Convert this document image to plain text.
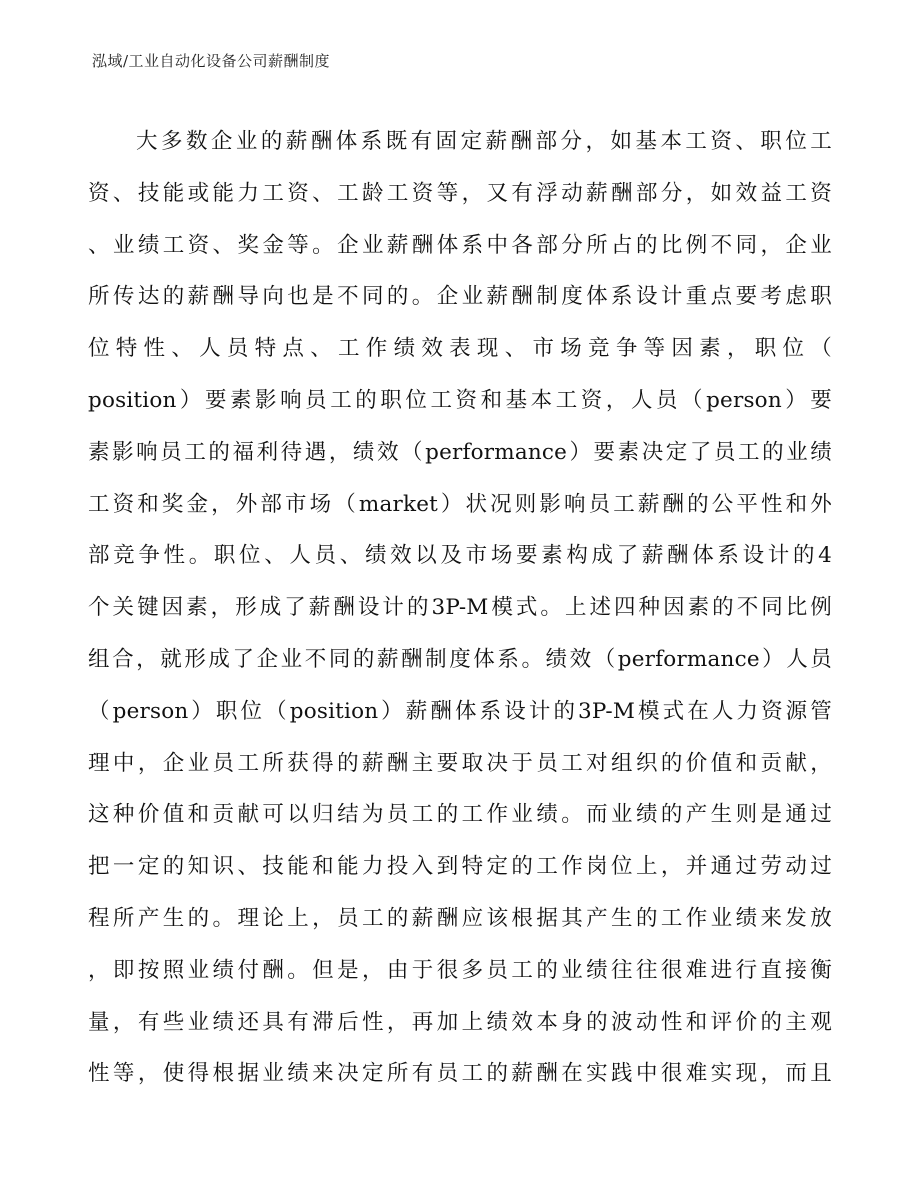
泓域/工业自动化设备公司薪酬制度
大多数企业的薪酬体系既有固定薪酬部分，如基本工资、职位工
资、技能或能力工资、工龄工资等，又有浮动薪酬部分，如效益工资
、业绩工资、奖金等。企业薪酬体系中各部分所占的比例不同，企业
所传达的薪酬导向也是不同的。企业薪酬制度体系设计重点要考虑职
位特性、人员特点、工作绩效表现、市场竞争等因素，职位（
position）要素影响员工的职位工资和基本工资，人员（person）要
素影响员工的福利待遇，绩效（performance）要素决定了员工的业绩
工资和奖金，外部市场（market）状况则影响员工薪酬的公平性和外
部竞争性。职位、人员、绩效以及市场要素构成了薪酬体系设计的4
个关键因素，形成了薪酬设计的3P-M模式。上述四种因素的不同比例
组合，就形成了企业不同的薪酬制度体系。绩效（performance）人员
（person）职位（position）薪酬体系设计的3P-M模式在人力资源管
理中，企业员工所获得的薪酬主要取决于员工对组织的价值和贡献，
这种价值和贡献可以归结为员工的工作业绩。而业绩的产生则是通过
把一定的知识、技能和能力投入到特定的工作岗位上，并通过劳动过
程所产生的。理论上，员工的薪酬应该根据其产生的工作业绩来发放
，即按照业绩付酬。但是，由于很多员工的业绩往往很难进行直接衡
量，有些业绩还具有滞后性，再加上绩效本身的波动性和评价的主观
性等，使得根据业绩来决定所有员工的薪酬在实践中很难实现，而且
